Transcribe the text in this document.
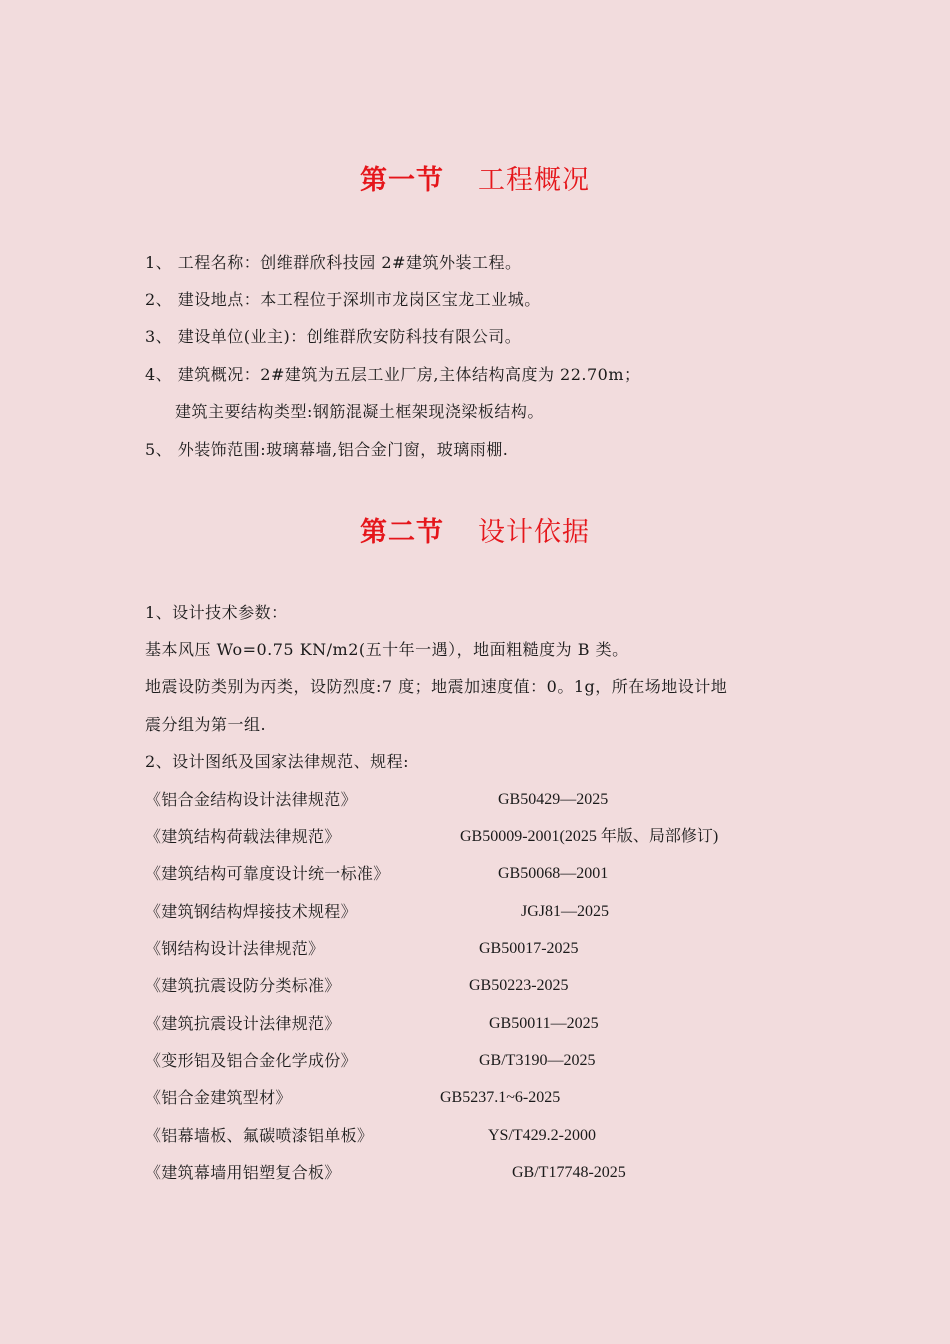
第一节 工程概况
1、 工程名称：创维群欣科技园 2#建筑外装工程。
2、 建设地点：本工程位于深圳市龙岗区宝龙工业城。
3、 建设单位(业主)：创维群欣安防科技有限公司。
4、 建筑概况：2#建筑为五层工业厂房,主体结构高度为 22.70m；
建筑主要结构类型:钢筋混凝土框架现浇梁板结构。
5、 外装饰范围:玻璃幕墙,铝合金门窗，玻璃雨棚.
第二节 设计依据
1、设计技术参数：
基本风压 Wo=0.75 KN/m2(五十年一遇），地面粗糙度为 B 类。
地震设防类别为丙类，设防烈度:7 度；地震加速度值：0。1g，所在场地设计地
震分组为第一组.
2、设计图纸及国家法律规范、规程:
《铝合金结构设计法律规范》	GB50429—2025
《建筑结构荷载法律规范》	GB50009-2001(2025 年版、局部修订)
《建筑结构可靠度设计统一标准》	GB50068—2001
《建筑钢结构焊接技术规程》	JGJ81—2025
《钢结构设计法律规范》	GB50017-2025
《建筑抗震设防分类标准》	GB50223-2025
《建筑抗震设计法律规范》	GB50011—2025
《变形铝及铝合金化学成份》	GB/T3190—2025
《铝合金建筑型材》	GB5237.1~6-2025
《铝幕墙板、氟碳喷漆铝单板》	YS/T429.2-2000
《建筑幕墙用铝塑复合板》	GB/T17748-2025
